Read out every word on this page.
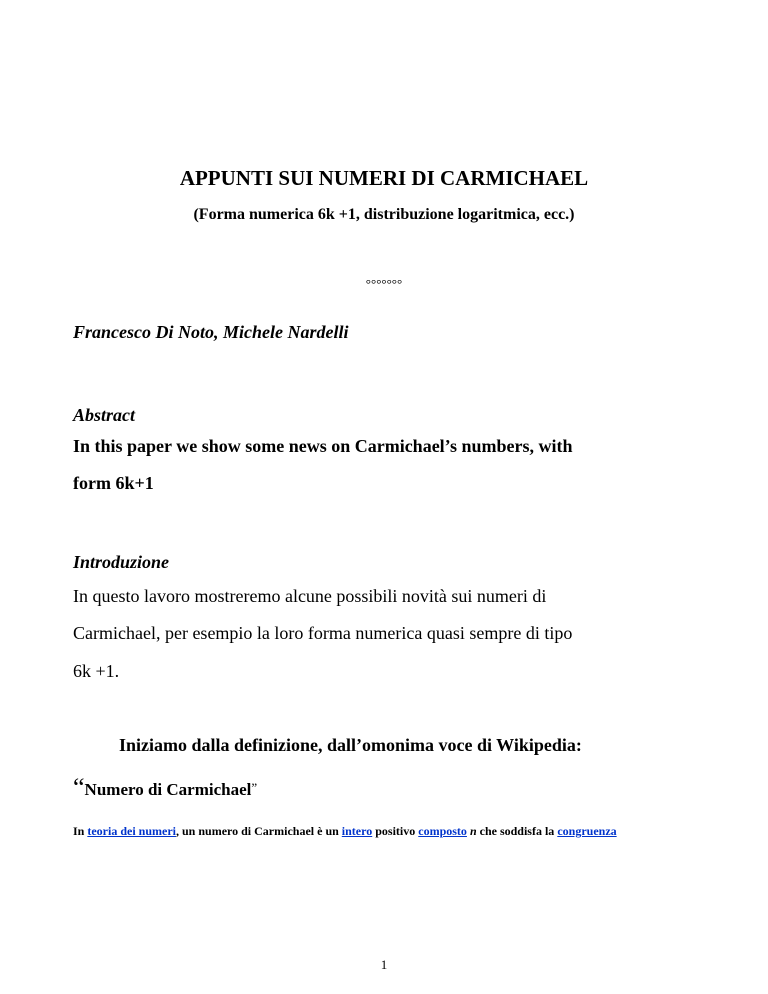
APPUNTI SUI NUMERI DI CARMICHAEL
(Forma numerica 6k +1, distribuzione logaritmica, ecc.)
°°°°°°°
Francesco Di Noto, Michele Nardelli
Abstract
In this paper we show some news on Carmichael’s numbers, with
form 6k+1
Introduzione
In questo lavoro mostreremo alcune possibili novità sui numeri di
Carmichael, per esempio la loro forma numerica quasi sempre di tipo
6k +1.
Iniziamo dalla definizione, dall’omonima voce di Wikipedia:
“Numero di Carmichael”
In teoria dei numeri, un numero di Carmichael è un intero positivo composto n che soddisfa la congruenza
1
